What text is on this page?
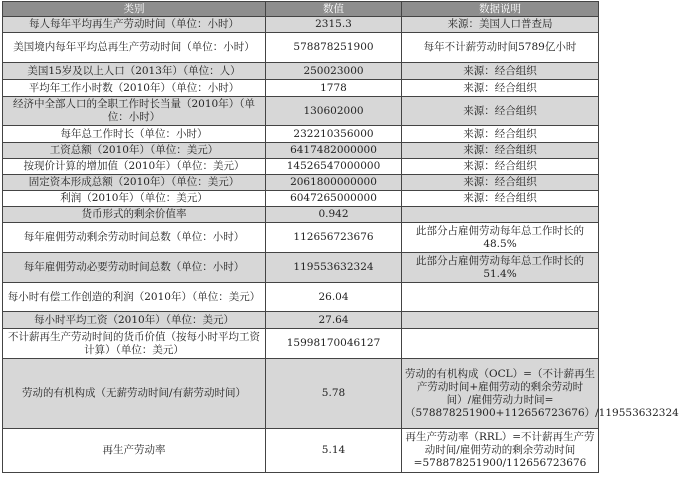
类别	数值	数据说明
每人每年平均再生产劳动时间（单位：小时）	2315.3	来源：美国人口普查局
美国境内每年平均总再生产劳动时间（单位：小时）	578878251900	每年不计薪劳动时间5789亿小时
美国15岁及以上人口（2013年）（单位：人）	250023000	来源：经合组织
平均年工作小时数（2010年）（单位：小时）	1778	来源：经合组织
经济中全部人口的全职工作时长当量（2010年）（单位：小时）	130602000	来源：经合组织
每年总工作时长（单位：小时）	232210356000	来源：经合组织
工资总额（2010年）（单位：美元）	6417482000000	来源：经合组织
按现价计算的增加值（2010年）（单位：美元）	14526547000000	来源：经合组织
固定资本形成总额（2010年）（单位：美元）	2061800000000	来源：经合组织
利润（2010年）（单位：美元）	6047265000000	来源：经合组织
货币形式的剩余价值率	0.942	
每年雇佣劳动剩余劳动时间总数（单位：小时）	112656723676	此部分占雇佣劳动每年总工作时长的48.5%
每年雇佣劳动必要劳动时间总数（单位：小时）	119553632324	此部分占雇佣劳动每年总工作时长的51.4%
每小时有偿工作创造的利润（2010年）（单位：美元）	26.04	
每小时平均工资（2010年）（单位：美元）	27.64	
不计薪再生产劳动时间的货币价值（按每小时平均工资计算）（单位：美元）	15998170046127	
劳动的有机构成（无薪劳动时间/有薪劳动时间）	5.78	劳动的有机构成（OCL）=（不计薪再生产劳动时间+雇佣劳动的剩余劳动时间）/雇佣劳动力时间=（578878251900+112656723676）/119553632324
再生产劳动率	5.14	再生产劳动率（RRL）=不计薪再生产劳动时间/雇佣劳动的剩余劳动时间=578878251900/112656723676
